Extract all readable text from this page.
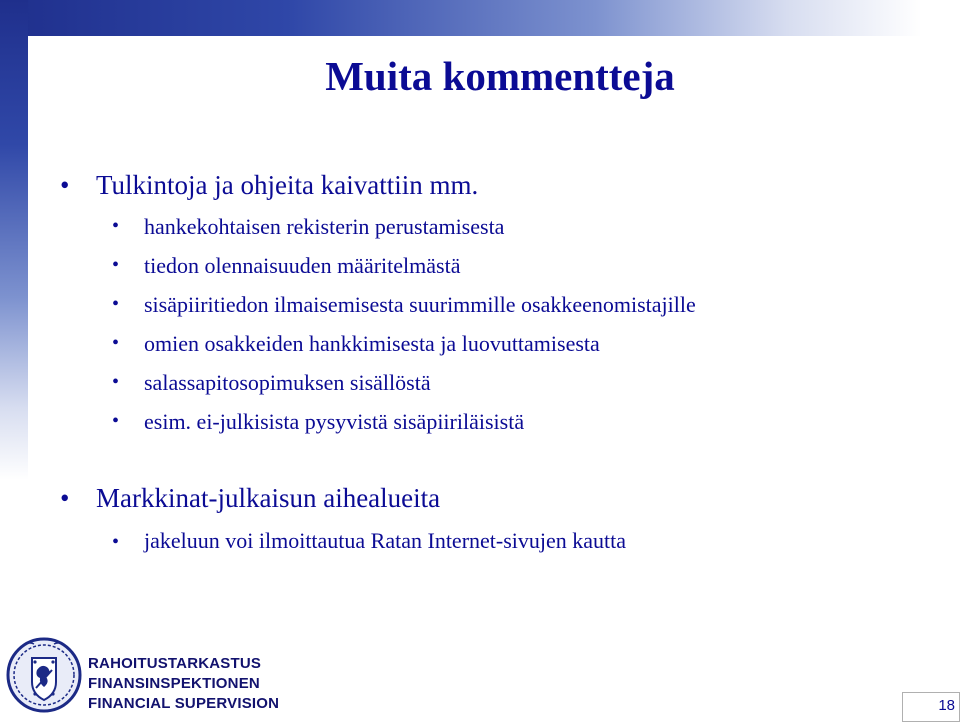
Muita kommentteja
• Tulkintoja ja ohjeita kaivattiin mm.
• hankekohtaisen rekisterin perustamisesta
• tiedon olennaisuuden määritelmästä
• sisäpiiritiedon ilmaisemisesta suurimmille osakkeenomistajille
• omien osakkeiden hankkimisesta ja luovuttamisesta
• salassapitosopimuksen sisällöstä
• esim. ei-julkisista pysyvistä sisäpiiriläisistä
• Markkinat-julkaisun aihealueita
• jakeluun voi ilmoittautua Ratan Internet-sivujen kautta
RAHOITUSTARKASTUS
FINANSINSPEKTIONEN
FINANCIAL SUPERVISION	18
